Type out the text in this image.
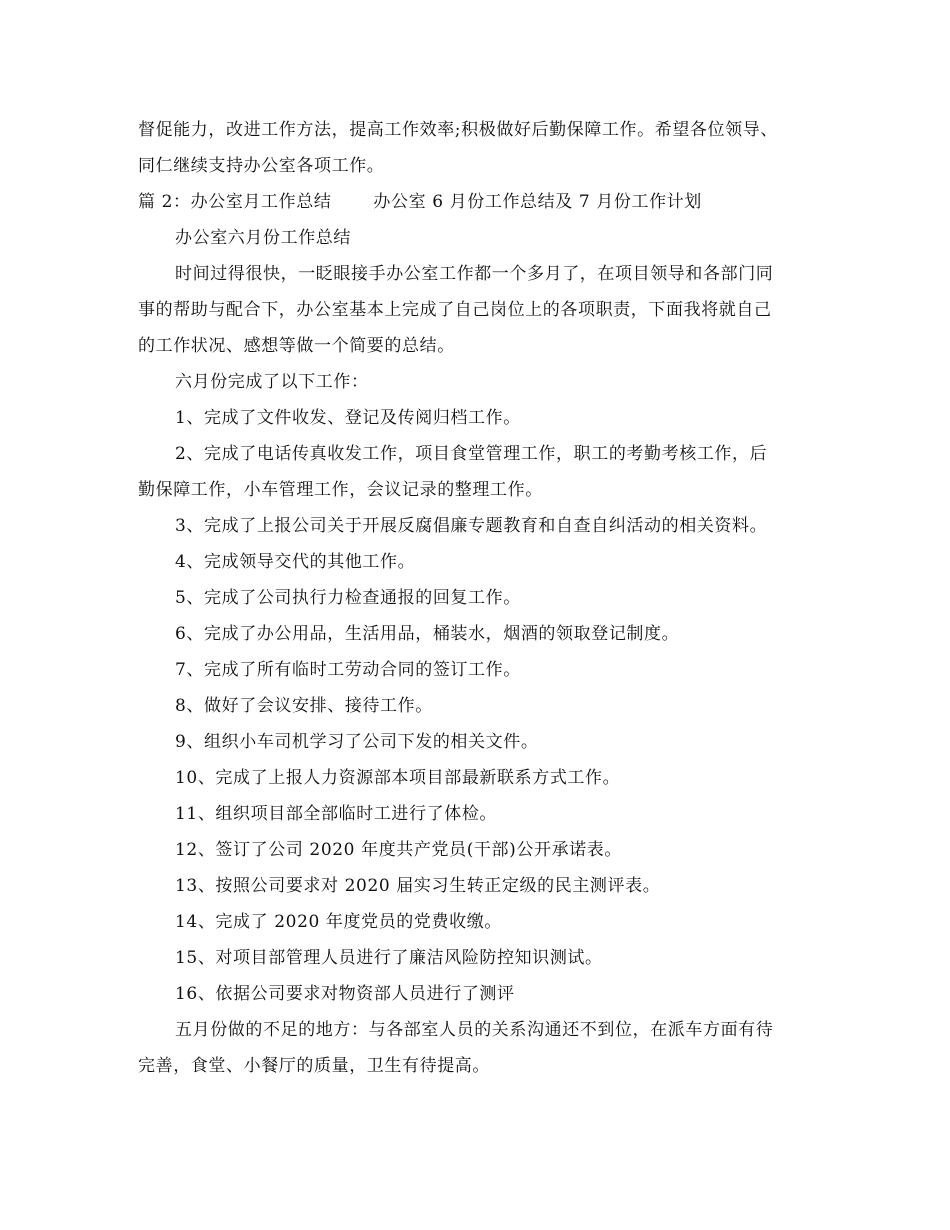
督促能力，改进工作方法，提高工作效率;积极做好后勤保障工作。希望各位领导、
同仁继续支持办公室各项工作。
篇 2：办公室月工作总结 办公室 6 月份工作总结及 7 月份工作计划
办公室六月份工作总结
时间过得很快，一眨眼接手办公室工作都一个多月了，在项目领导和各部门同
事的帮助与配合下，办公室基本上完成了自己岗位上的各项职责，下面我将就自己
的工作状况、感想等做一个简要的总结。
六月份完成了以下工作：
1、完成了文件收发、登记及传阅归档工作。
2、完成了电话传真收发工作，项目食堂管理工作，职工的考勤考核工作，后
勤保障工作，小车管理工作，会议记录的整理工作。
3、完成了上报公司关于开展反腐倡廉专题教育和自查自纠活动的相关资料。
4、完成领导交代的其他工作。
5、完成了公司执行力检查通报的回复工作。
6、完成了办公用品，生活用品，桶装水，烟酒的领取登记制度。
7、完成了所有临时工劳动合同的签订工作。
8、做好了会议安排、接待工作。
9、组织小车司机学习了公司下发的相关文件。
10、完成了上报人力资源部本项目部最新联系方式工作。
11、组织项目部全部临时工进行了体检。
12、签订了公司 2020 年度共产党员(干部)公开承诺表。
13、按照公司要求对 2020 届实习生转正定级的民主测评表。
14、完成了 2020 年度党员的党费收缴。
15、对项目部管理人员进行了廉洁风险防控知识测试。
16、依据公司要求对物资部人员进行了测评
五月份做的不足的地方：与各部室人员的关系沟通还不到位，在派车方面有待
完善，食堂、小餐厅的质量，卫生有待提高。
